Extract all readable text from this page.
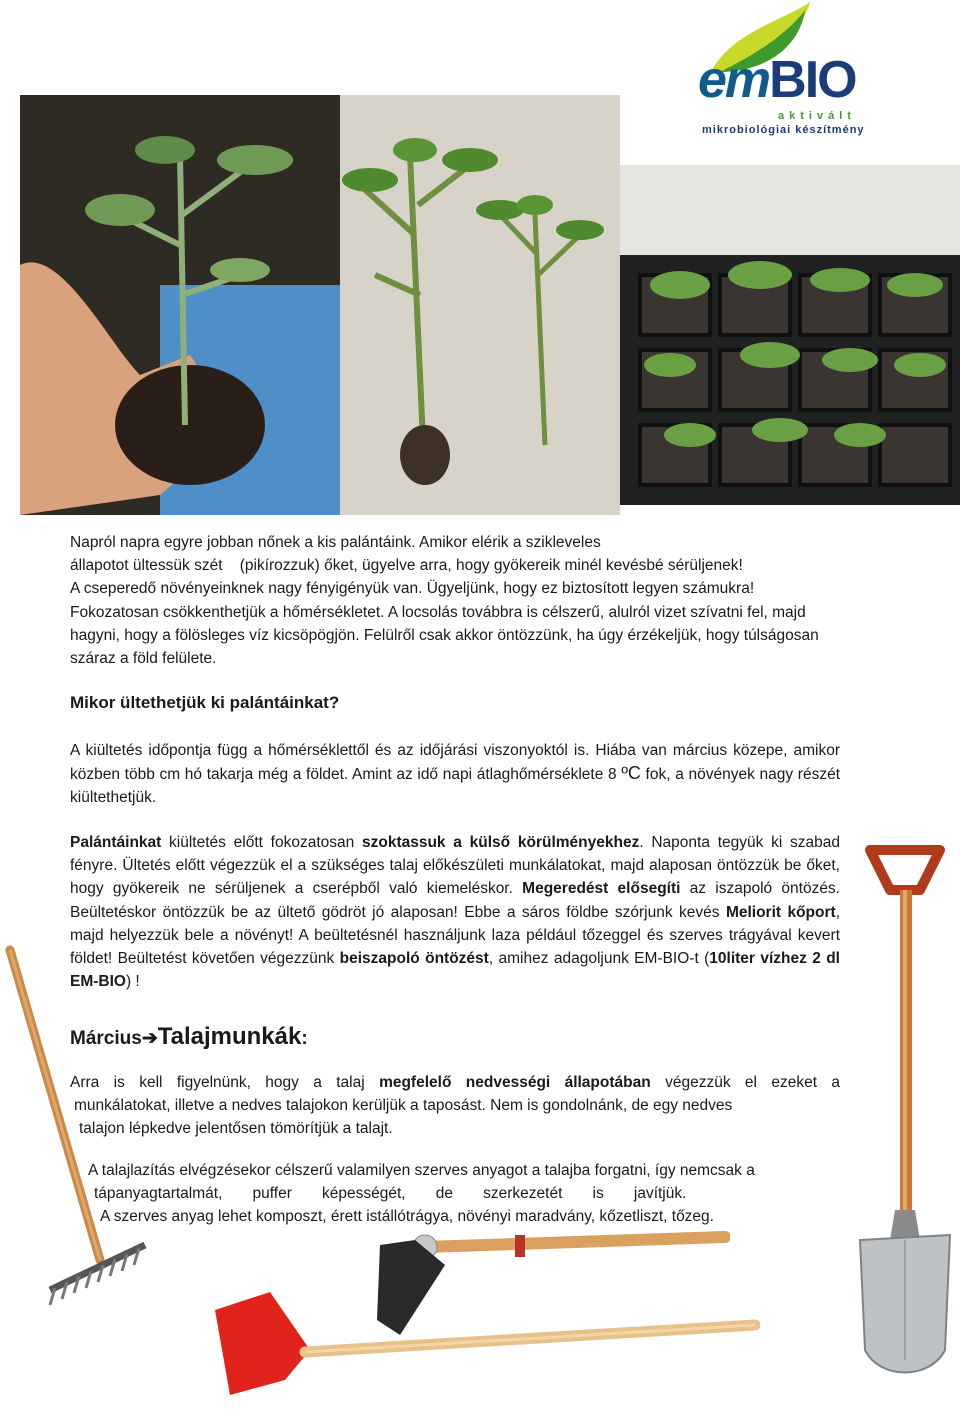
emBIO
aktivált
mikrobiológiai készítmény
Napról napra egyre jobban nőnek a kis palántáink. Amikor elérik a szikleveles
állapotot ültessük szét    (pikírozzuk) őket, ügyelve arra, hogy gyökereik minél kevésbé sérüljenek!
A cseperedő növényeinknek nagy fényigényük van. Ügyeljünk, hogy ez biztosított legyen számukra!
Fokozatosan csökkenthetjük a hőmérsékletet. A locsolás továbbra is célszerű, alulról vizet szívatni fel, majd hagyni, hogy a fölösleges víz kicsöpögjön. Felülről csak akkor öntözzünk, ha úgy érzékeljük, hogy túlságosan száraz a föld felülete.
Mikor ültethetjük ki palántáinkat?
A kiültetés időpontja függ a hőmérséklettől és az időjárási viszonyoktól is. Hiába van március közepe, amikor közben több cm hó takarja még a földet. Amint az idő napi átlaghőmérséklete 8 ºC fok, a növények nagy részét kiültethetjük.
Palántáinkat kiültetés előtt fokozatosan szoktassuk a külső körülményekhez. Naponta tegyük ki szabad fényre. Ültetés előtt végezzük el a szükséges talaj előkészületi munkálatokat, majd alaposan öntözzük be őket, hogy gyökereik ne sérüljenek a cserépből való kiemeléskor. Megeredést elősegíti az iszapoló öntözés. Beültetéskor öntözzük be az ültető gödröt jó alaposan! Ebbe a sáros földbe szórjunk kevés Meliorit kőport, majd helyezzük bele a növényt! A beültetésnél használjunk laza például tőzeggel és szerves trágyával kevert földet! Beültetést követően végezzünk beiszapoló öntözést, amihez adagoljunk EM-BIO-t (10liter vízhez 2 dl EM-BIO) !
Március➔Talajmunkák:
Arra is kell figyelnünk, hogy a talaj megfelelő nedvességi állapotában végezzük el ezeket a
munkálatokat, illetve a nedves talajokon kerüljük a taposást. Nem is gondolnánk, de egy nedves
talajon lépkedve jelentősen tömörítjük a talajt.
A talajlazítás elvégzésekor célszerű valamilyen szerves anyagot a talajba forgatni, így nemcsak a
tápanyagtartalmát,       puffer       képességét,       de       szerkezetét       is       javítjük.
A szerves anyag lehet komposzt, érett istállótrágya, növényi maradvány, kőzetliszt, tőzeg.
